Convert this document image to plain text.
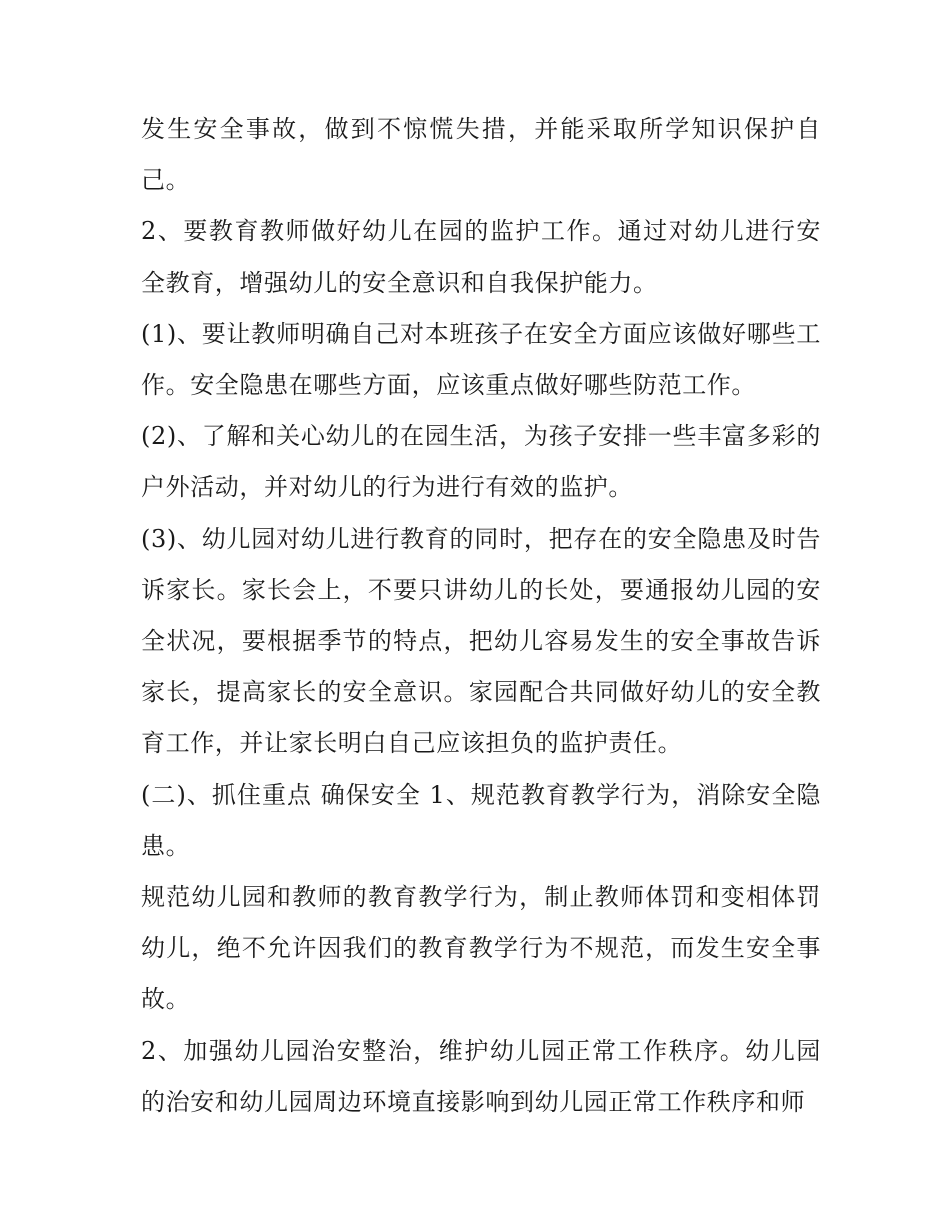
发生安全事故，做到不惊慌失措，并能采取所学知识保护自己。

2、要教育教师做好幼儿在园的监护工作。通过对幼儿进行安全教育，增强幼儿的安全意识和自我保护能力。

(1)、要让教师明确自己对本班孩子在安全方面应该做好哪些工作。安全隐患在哪些方面，应该重点做好哪些防范工作。

(2)、了解和关心幼儿的在园生活，为孩子安排一些丰富多彩的户外活动，并对幼儿的行为进行有效的监护。

(3)、幼儿园对幼儿进行教育的同时，把存在的安全隐患及时告诉家长。家长会上，不要只讲幼儿的长处，要通报幼儿园的安全状况，要根据季节的特点，把幼儿容易发生的安全事故告诉家长，提高家长的安全意识。家园配合共同做好幼儿的安全教育工作，并让家长明白自己应该担负的监护责任。

(二)、抓住重点 确保安全 1、规范教育教学行为，消除安全隐患。

规范幼儿园和教师的教育教学行为，制止教师体罚和变相体罚幼儿，绝不允许因我们的教育教学行为不规范，而发生安全事故。

2、加强幼儿园治安整治，维护幼儿园正常工作秩序。幼儿园的治安和幼儿园周边环境直接影响到幼儿园正常工作秩序和师
